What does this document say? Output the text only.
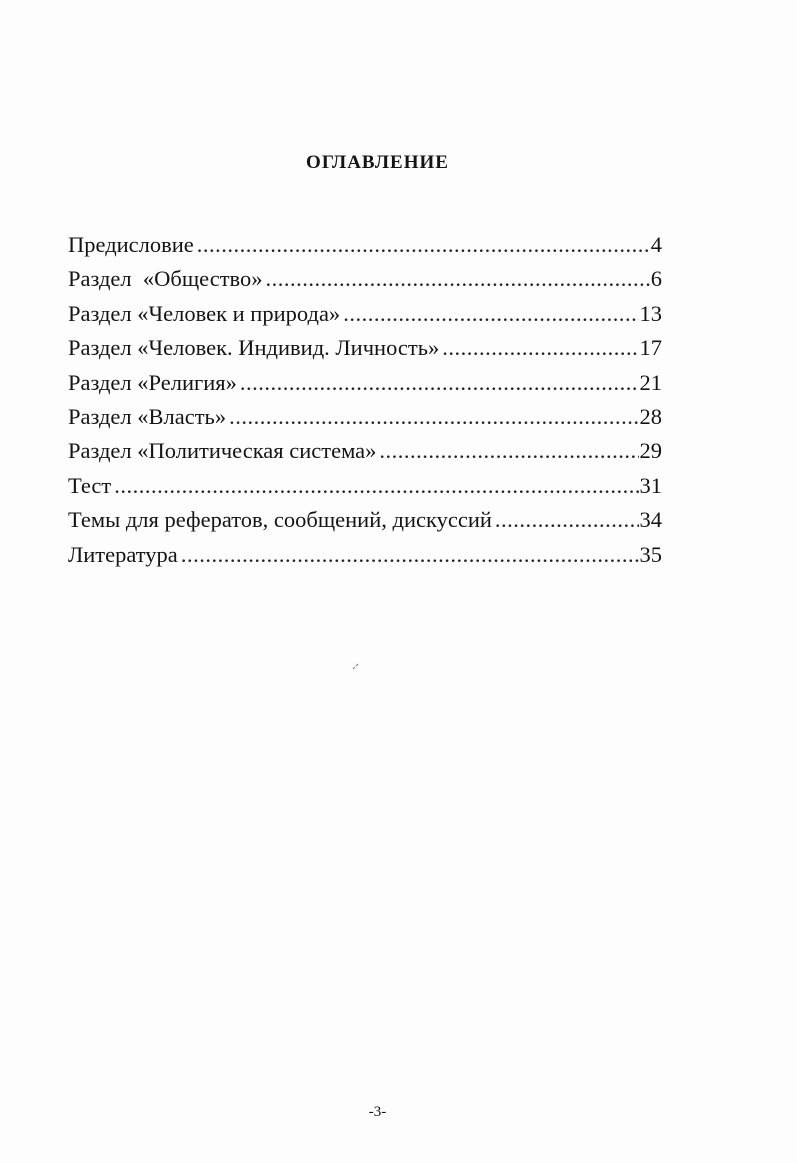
ОГЛАВЛЕНИЕ
Предисловие .....	4
Раздел  «Общество» .....	6
Раздел «Человек и природа» .....	13
Раздел «Человек. Индивид. Личность» .....	17
Раздел «Религия» .....	21
Раздел «Власть» .....	28
Раздел «Политическая система» .....	29
Тест .....	31
Темы для рефератов, сообщений, дискуссий .....	34
Литература .....	35
-3-
